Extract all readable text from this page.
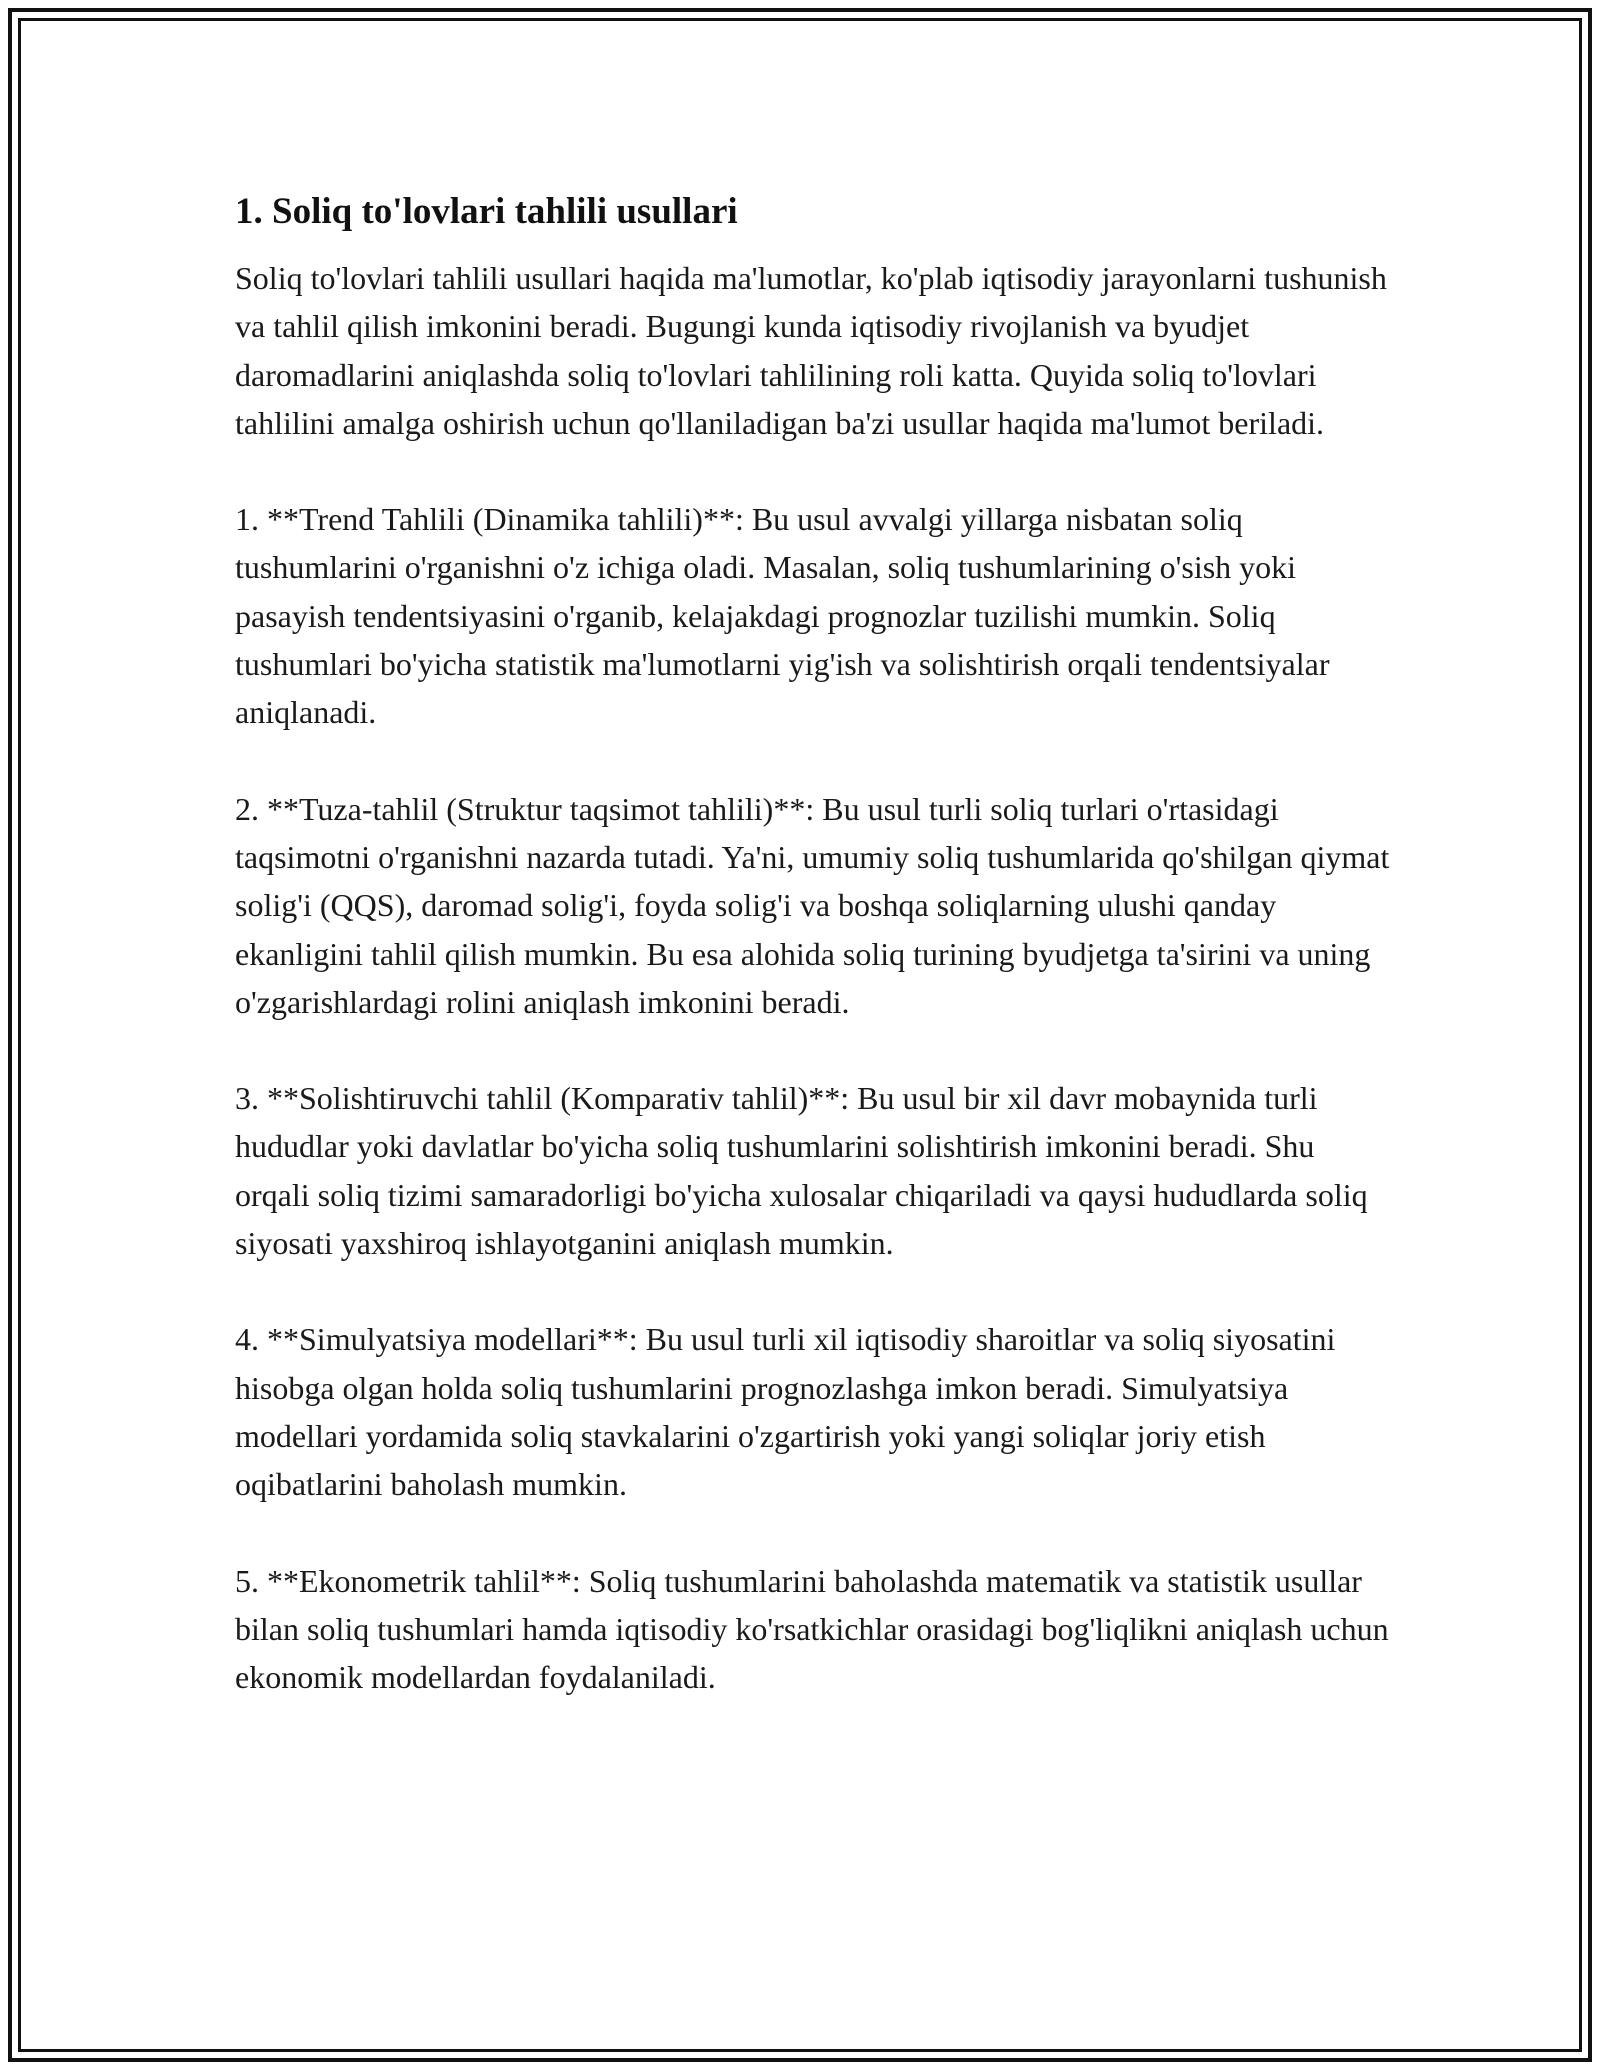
1. Soliq to'lovlari tahlili usullari

Soliq to'lovlari tahlili usullari haqida ma'lumotlar, ko'plab iqtisodiy jarayonlarni tushunish va tahlil qilish imkonini beradi. Bugungi kunda iqtisodiy rivojlanish va byudjet daromadlarini aniqlashda soliq to'lovlari tahlilining roli katta. Quyida soliq to'lovlari tahlilini amalga oshirish uchun qo'llaniladigan ba'zi usullar haqida ma'lumot beriladi.

1. **Trend Tahlili (Dinamika tahlili)**: Bu usul avvalgi yillarga nisbatan soliq tushumlarini o'rganishni o'z ichiga oladi. Masalan, soliq tushumlarining o'sish yoki pasayish tendentsiyasini o'rganib, kelajakdagi prognozlar tuzilishi mumkin. Soliq tushumlari bo'yicha statistik ma'lumotlarni yig'ish va solishtirish orqali tendentsiyalar aniqlanadi.

2. **Tuza-tahlil (Struktur taqsimot tahlili)**: Bu usul turli soliq turlari o'rtasidagi taqsimotni o'rganishni nazarda tutadi. Ya'ni, umumiy soliq tushumlarida qo'shilgan qiymat solig'i (QQS), daromad solig'i, foyda solig'i va boshqa soliqlarning ulushi qanday ekanligini tahlil qilish mumkin. Bu esa alohida soliq turining byudjetga ta'sirini va uning o'zgarishlardagi rolini aniqlash imkonini beradi.

3. **Solishtiruvchi tahlil (Komparativ tahlil)**: Bu usul bir xil davr mobaynida turli hududlar yoki davlatlar bo'yicha soliq tushumlarini solishtirish imkonini beradi. Shu orqali soliq tizimi samaradorligi bo'yicha xulosalar chiqariladi va qaysi hududlarda soliq siyosati yaxshiroq ishlayotganini aniqlash mumkin.

4. **Simulyatsiya modellari**: Bu usul turli xil iqtisodiy sharoitlar va soliq siyosatini hisobga olgan holda soliq tushumlarini prognozlashga imkon beradi. Simulyatsiya modellari yordamida soliq stavkalarini o'zgartirish yoki yangi soliqlar joriy etish oqibatlarini baholash mumkin.

5. **Ekonometrik tahlil**: Soliq tushumlarini baholashda matematik va statistik usullar bilan soliq tushumlari hamda iqtisodiy ko'rsatkichlar orasidagi bog'liqlikni aniqlash uchun ekonomik modellardan foydalaniladi.
